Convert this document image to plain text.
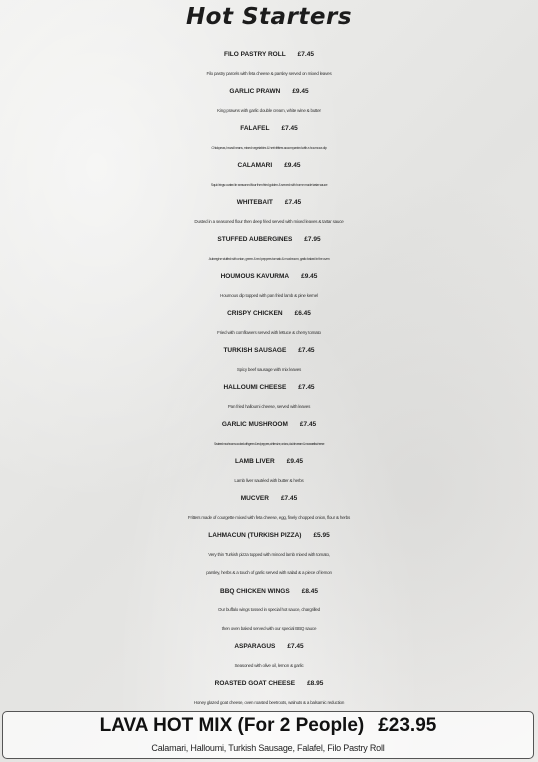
Hot Starters
FILO PASTRY ROLL £7.45
Filo pastry parcels with feta cheese & parsley served on mixed leaves
GARLIC PRAWN £9.45
King prawns with garlic double cream, white wine & butter
FALAFEL £7.45
Chickpeas, broad beans, mixed vegetables & herb fritters accompanied with a houmous dip
CALAMARI £9.45
Squid rings coated in seasoned flour then fried golden & served with home made tartar sauce
WHITEBAIT £7.45
Dusted in a seasoned flour then deep fried served with mixed leaves & tartar sauce
STUFFED AUBERGINES £7.95
Aubergine stuffed with onion, green & red peppers tomato & mushroom, garlic baked in the oven
HOUMOUS KAVURMA £9.45
Houmous dip topped with pan fried lamb & pine kernel
CRISPY CHICKEN £6.45
Fried with cornflowers served with lettuce & cherry tomato
TURKISH SAUSAGE £7.45
Spicy beef sausage with mix leaves
HALLOUMI CHEESE £7.45
Pan fried halloumi cheese, served with leaves
GARLIC MUSHROOM £7.45
Sauteed mushrooms cooked with green & red peppers, white wine, onions, double cream & mozzarella cheese
LAMB LIVER £9.45
Lamb liver sautéed with butter & herbs
MUCVER £7.45
Fritters made of courgette mixed with feta cheese, egg, finely chopped onion, flour & herbs
LAHMACUN (TURKISH PIZZA) £5.95
Very thin Turkish pizza topped with minced lamb mixed with tomato,
parsley, herbs & a touch of garlic served with salad & a piece of lemon
BBQ CHICKEN WINGS £8.45
Our buffalo wings tossed in special hot sauce, chargrilled
then oven baked served with our special BBQ sauce
ASPARAGUS £7.45
Seasoned with olive oil, lemon & garlic
ROASTED GOAT CHEESE £8.95
Honey glazed goat cheese, oven roasted beetroots, walnuts & a balsamic reduction
LAVA HOT MIX (For 2 People) £23.95
Calamari, Halloumi, Turkish Sausage, Falafel, Filo Pastry Roll
